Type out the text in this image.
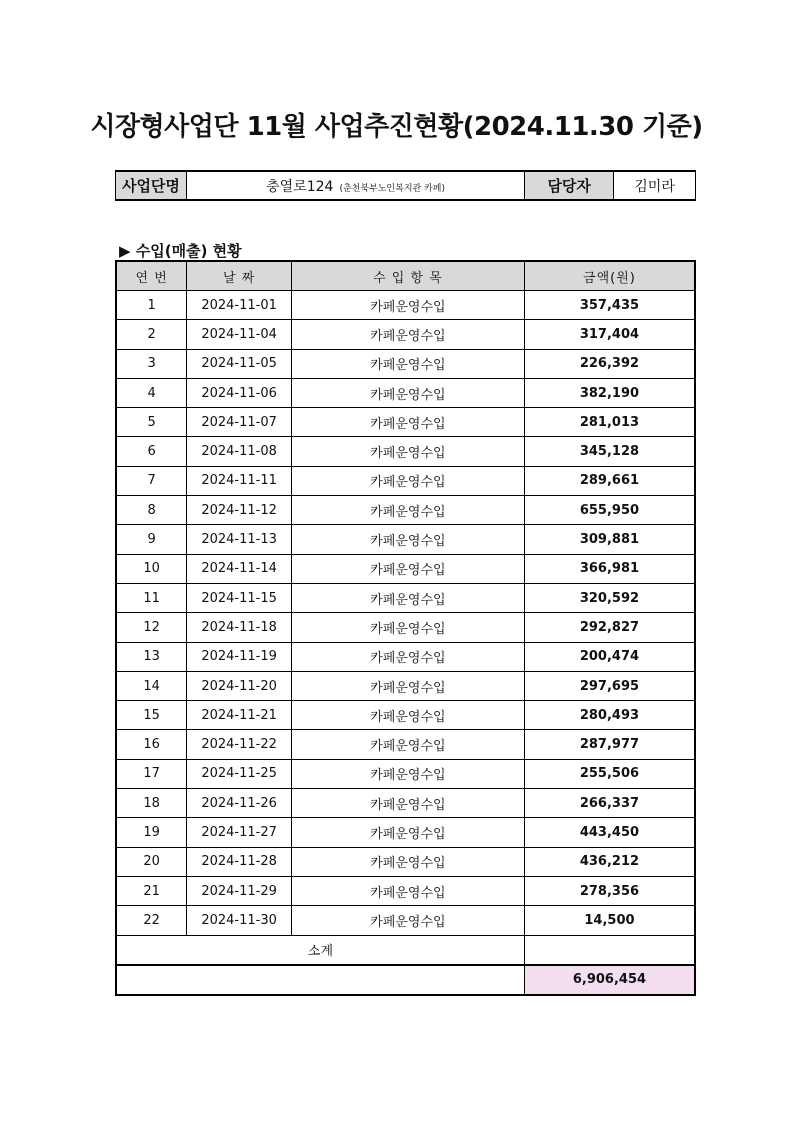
시장형사업단 11월 사업추진현황(2024.11.30 기준)
사업단명	충열로124 (춘천북부노인복지관 카페)	담당자	김미라
▶ 수입(매출) 현황
연 번	날 짜	수 입 항 목	금액(원)
1	2024-11-01	카페운영수입	357,435
2	2024-11-04	카페운영수입	317,404
3	2024-11-05	카페운영수입	226,392
4	2024-11-06	카페운영수입	382,190
5	2024-11-07	카페운영수입	281,013
6	2024-11-08	카페운영수입	345,128
7	2024-11-11	카페운영수입	289,661
8	2024-11-12	카페운영수입	655,950
9	2024-11-13	카페운영수입	309,881
10	2024-11-14	카페운영수입	366,981
11	2024-11-15	카페운영수입	320,592
12	2024-11-18	카페운영수입	292,827
13	2024-11-19	카페운영수입	200,474
14	2024-11-20	카페운영수입	297,695
15	2024-11-21	카페운영수입	280,493
16	2024-11-22	카페운영수입	287,977
17	2024-11-25	카페운영수입	255,506
18	2024-11-26	카페운영수입	266,337
19	2024-11-27	카페운영수입	443,450
20	2024-11-28	카페운영수입	436,212
21	2024-11-29	카페운영수입	278,356
22	2024-11-30	카페운영수입	14,500
소계			
			6,906,454
